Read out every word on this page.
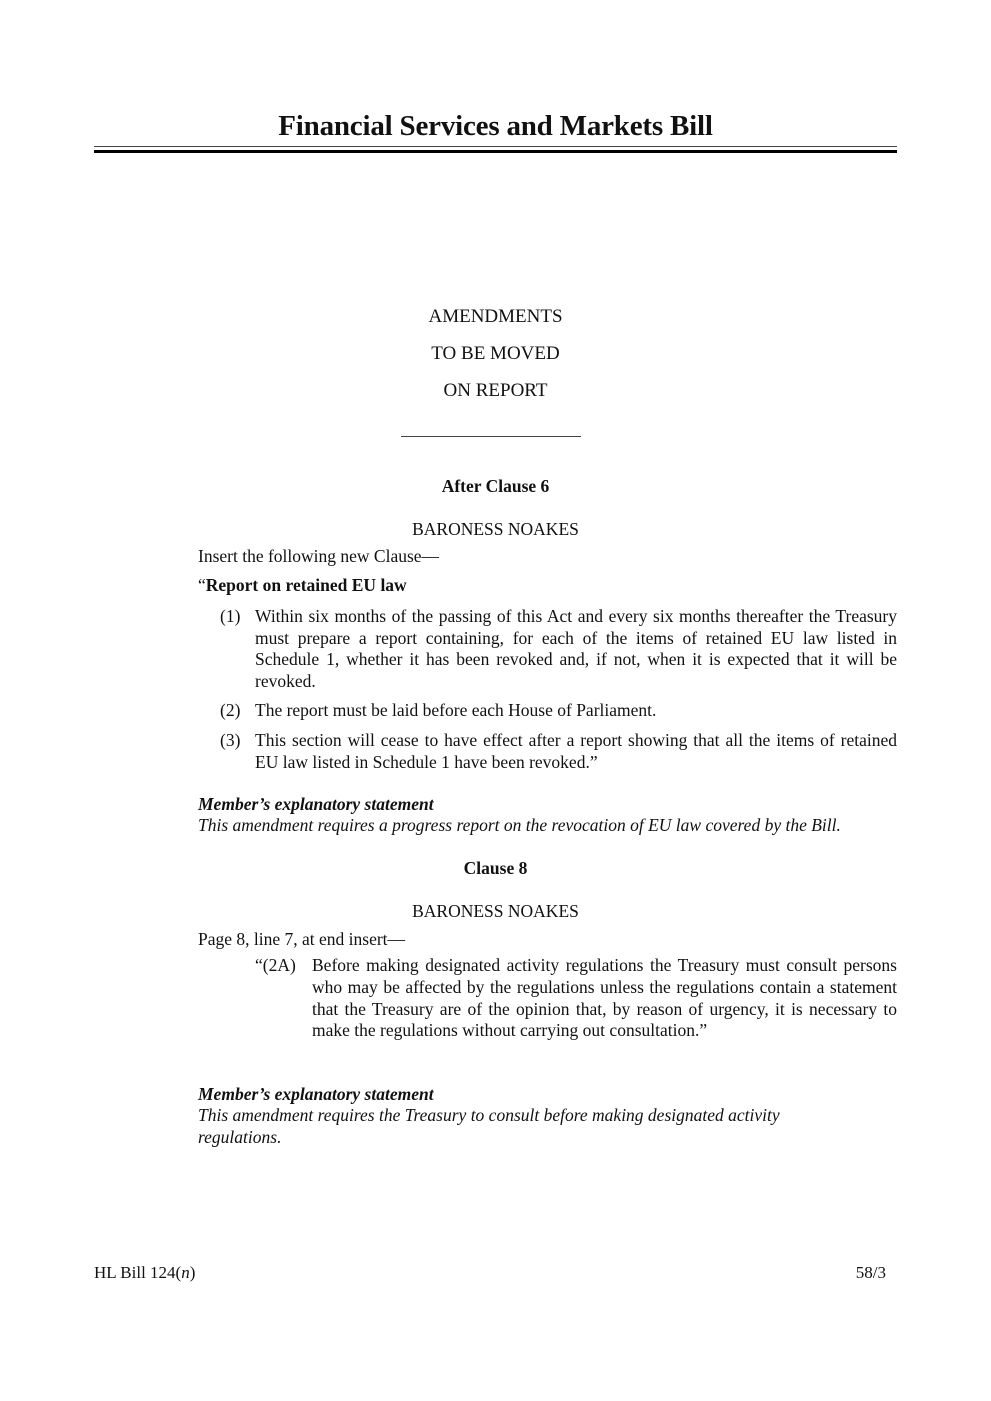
Financial Services and Markets Bill
AMENDMENTS
TO BE MOVED
ON REPORT
After Clause 6
BARONESS NOAKES
Insert the following new Clause—
“Report on retained EU law
(1) Within six months of the passing of this Act and every six months thereafter the Treasury must prepare a report containing, for each of the items of retained EU law listed in Schedule 1, whether it has been revoked and, if not, when it is expected that it will be revoked.
(2) The report must be laid before each House of Parliament.
(3) This section will cease to have effect after a report showing that all the items of retained EU law listed in Schedule 1 have been revoked.”
Member’s explanatory statement
This amendment requires a progress report on the revocation of EU law covered by the Bill.
Clause 8
BARONESS NOAKES
Page 8, line 7, at end insert—
“(2A) Before making designated activity regulations the Treasury must consult persons who may be affected by the regulations unless the regulations contain a statement that the Treasury are of the opinion that, by reason of urgency, it is necessary to make the regulations without carrying out consultation.”
Member’s explanatory statement
This amendment requires the Treasury to consult before making designated activity regulations.
HL Bill 124(n)	58/3
